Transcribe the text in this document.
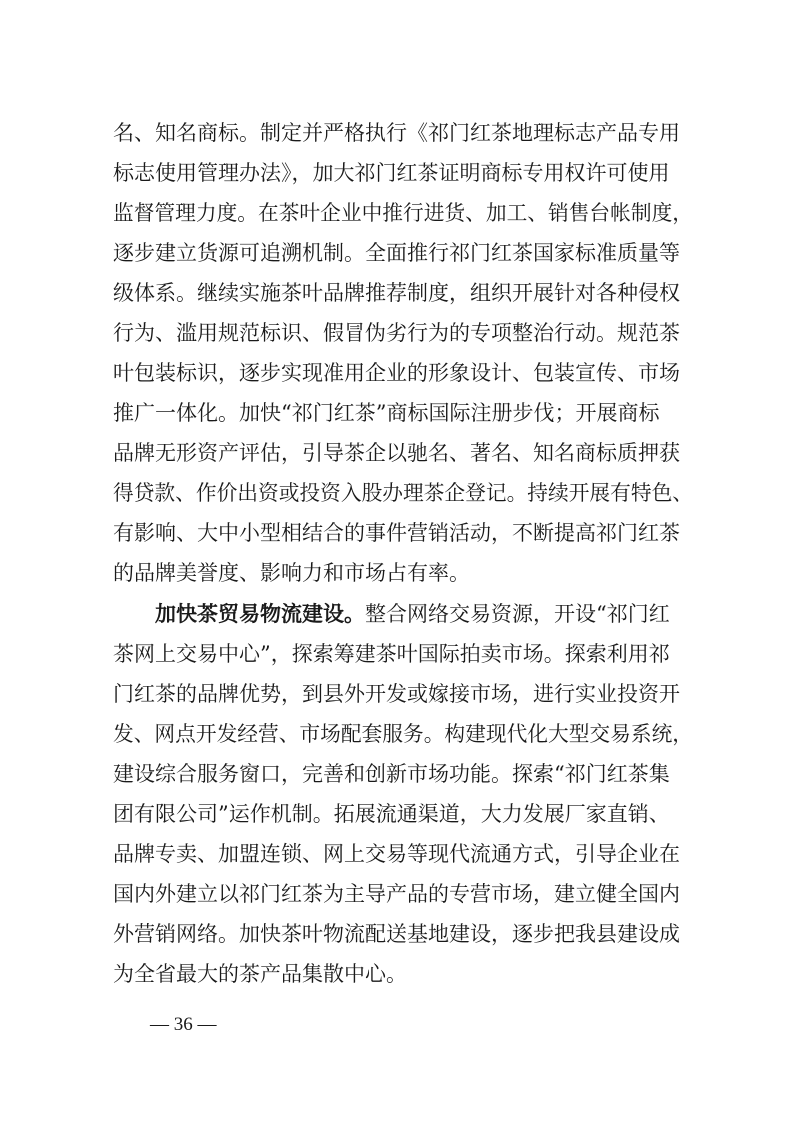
名、知名商标。制定并严格执行《祁门红茶地理标志产品专用
标志使用管理办法》，加大祁门红茶证明商标专用权许可使用
监督管理力度。在茶叶企业中推行进货、加工、销售台帐制度，
逐步建立货源可追溯机制。全面推行祁门红茶国家标准质量等
级体系。继续实施茶叶品牌推荐制度，组织开展针对各种侵权
行为、滥用规范标识、假冒伪劣行为的专项整治行动。规范茶
叶包装标识，逐步实现准用企业的形象设计、包装宣传、市场
推广一体化。加快“祁门红茶”商标国际注册步伐；开展商标
品牌无形资产评估，引导茶企以驰名、著名、知名商标质押获
得贷款、作价出资或投资入股办理茶企登记。持续开展有特色、
有影响、大中小型相结合的事件营销活动，不断提高祁门红茶
的品牌美誉度、影响力和市场占有率。
加快茶贸易物流建设。整合网络交易资源，开设“祁门红
茶网上交易中心”，探索筹建茶叶国际拍卖市场。探索利用祁
门红茶的品牌优势，到县外开发或嫁接市场，进行实业投资开
发、网点开发经营、市场配套服务。构建现代化大型交易系统，
建设综合服务窗口，完善和创新市场功能。探索“祁门红茶集
团有限公司”运作机制。拓展流通渠道，大力发展厂家直销、
品牌专卖、加盟连锁、网上交易等现代流通方式，引导企业在
国内外建立以祁门红茶为主导产品的专营市场，建立健全国内
外营销网络。加快茶叶物流配送基地建设，逐步把我县建设成
为全省最大的茶产品集散中心。
— 36 —
